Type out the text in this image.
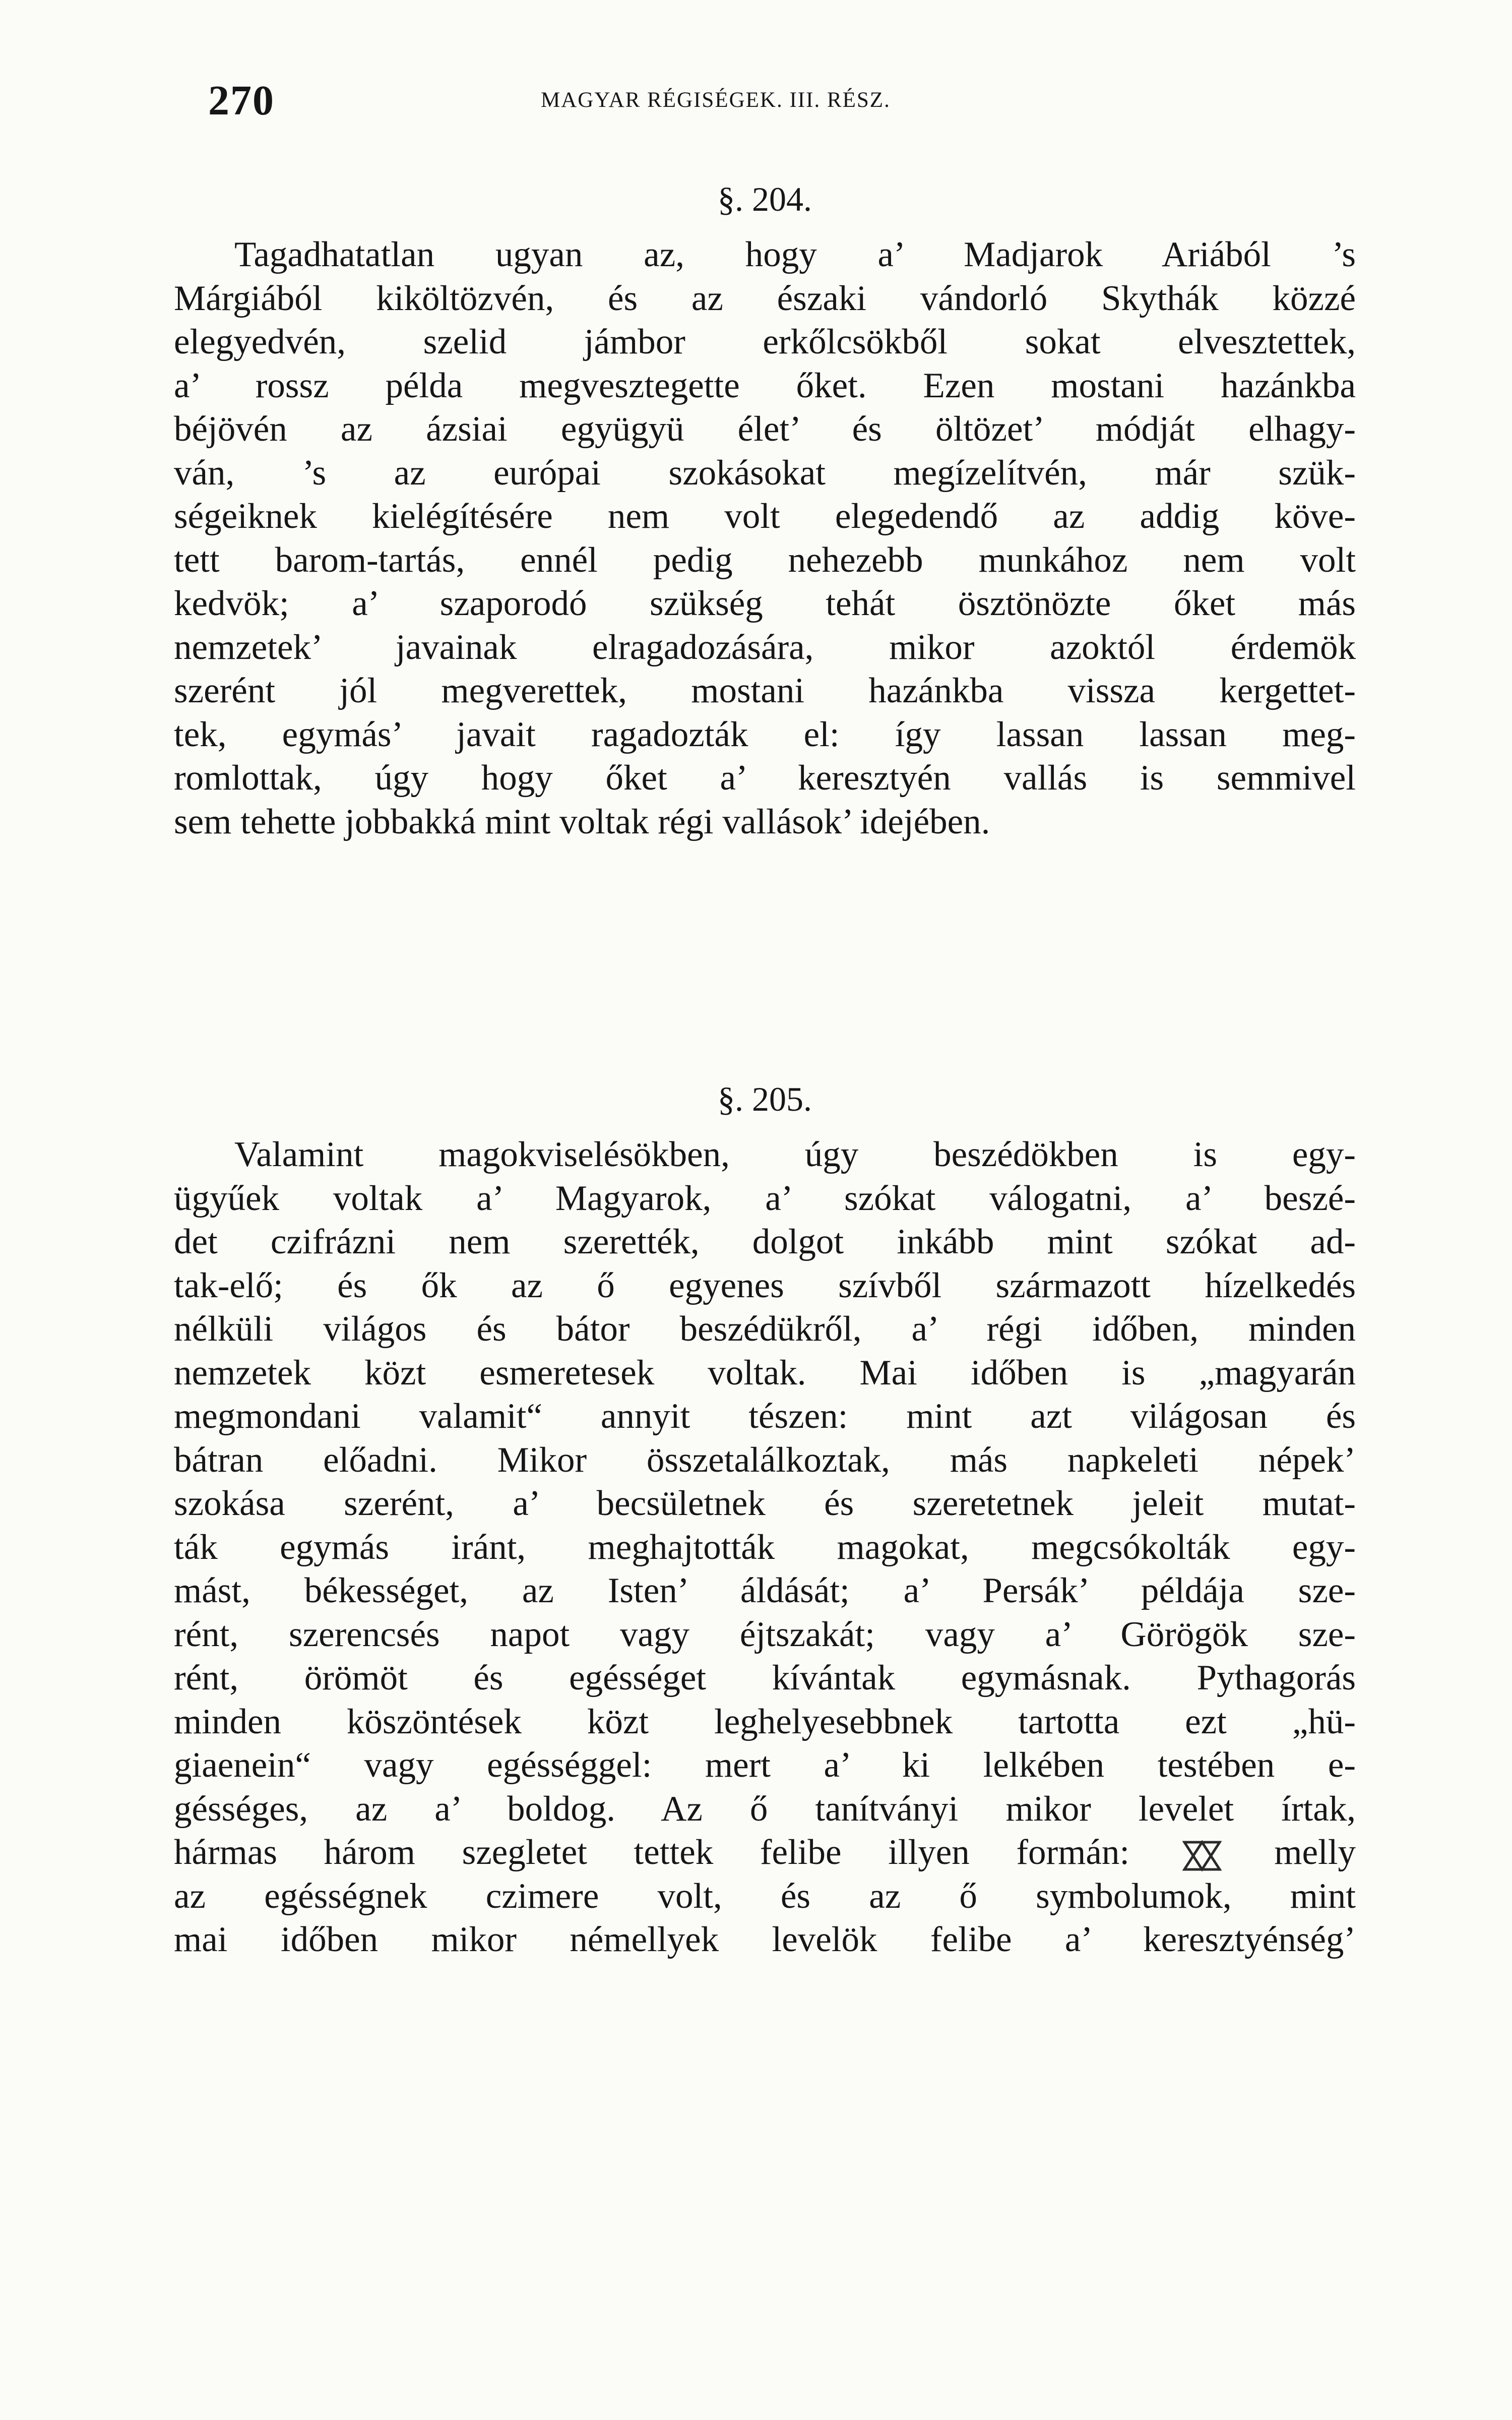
270	MAGYAR RÉGISÉGEK. III. RÉSZ.
§. 204.
Tagadhatatlan ugyan az, hogy a’ Madjarok Ariából ’s
Márgiából kiköltözvén, és az északi vándorló Skythák közzé
elegyedvén, szelid jámbor erkőlcsökből sokat elvesztettek,
a’ rossz példa megvesztegette őket. Ezen mostani hazánkba
béjövén az ázsiai együgyü élet’ és öltözet’ módját elhagy-
ván, ’s az európai szokásokat megízelítvén, már szük-
ségeiknek kielégítésére nem volt elegedendő az addig köve-
tett barom-tartás, ennél pedig nehezebb munkához nem volt
kedvök; a’ szaporodó szükség tehát ösztönözte őket más
nemzetek’ javainak elragadozására, mikor azoktól érdemök
szerént jól megverettek, mostani hazánkba vissza kergettet-
tek, egymás’ javait ragadozták el: így lassan lassan meg-
romlottak, úgy hogy őket a’ keresztyén vallás is semmivel
sem tehette jobbakká mint voltak régi vallások’ idejében.
§. 205.
Valamint magokviselésökben, úgy beszédökben is egy-
ügyűek voltak a’ Magyarok, a’ szókat válogatni, a’ beszé-
det czifrázni nem szerették, dolgot inkább mint szókat ad-
tak-elő; és ők az ő egyenes szívből származott hízelkedés
nélküli világos és bátor beszédükről, a’ régi időben, minden
nemzetek közt esmeretesek voltak. Mai időben is „magyarán
megmondani valamit“ annyit tészen: mint azt világosan és
bátran előadni. Mikor összetalálkoztak, más napkeleti népek’
szokása szerént, a’ becsületnek és szeretetnek jeleit mutat-
ták egymás iránt, meghajtották magokat, megcsókolták egy-
mást, békességet, az Isten’ áldását; a’ Persák’ példája sze-
rént, szerencsés napot vagy éjtszakát; vagy a’ Görögök sze-
rént, örömöt és egésséget kívántak egymásnak. Pythagorás
minden köszöntések közt leghelyesebbnek tartotta ezt „hü-
giaenein“ vagy egésséggel: mert a’ ki lelkében testében e-
gésséges, az a’ boldog. Az ő tanítványi mikor levelet írtak,
hármas három szegletet tettek felibe illyen formán:	melly
az egésségnek czimere volt, és az ő symbolumok, mint
mai időben mikor némellyek levelök felibe a’ keresztyénség’
